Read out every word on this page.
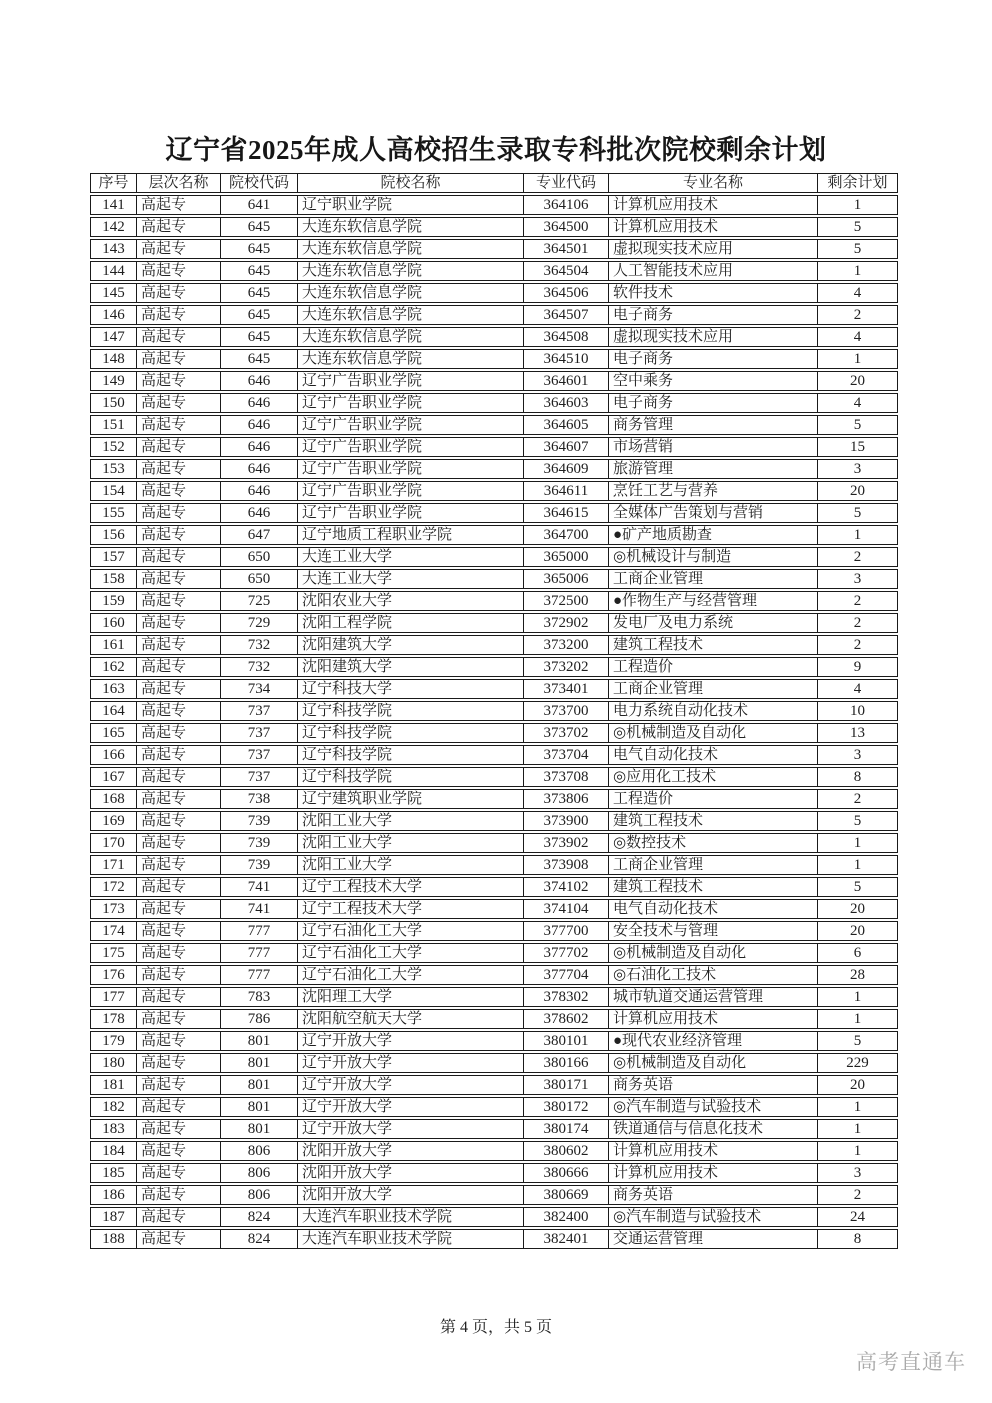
辽宁省2025年成人高校招生录取专科批次院校剩余计划
序号	层次名称	院校代码	院校名称	专业代码	专业名称	剩余计划
141	高起专	641	辽宁职业学院	364106	计算机应用技术	1
142	高起专	645	大连东软信息学院	364500	计算机应用技术	5
143	高起专	645	大连东软信息学院	364501	虚拟现实技术应用	5
144	高起专	645	大连东软信息学院	364504	人工智能技术应用	1
145	高起专	645	大连东软信息学院	364506	软件技术	4
146	高起专	645	大连东软信息学院	364507	电子商务	2
147	高起专	645	大连东软信息学院	364508	虚拟现实技术应用	4
148	高起专	645	大连东软信息学院	364510	电子商务	1
149	高起专	646	辽宁广告职业学院	364601	空中乘务	20
150	高起专	646	辽宁广告职业学院	364603	电子商务	4
151	高起专	646	辽宁广告职业学院	364605	商务管理	5
152	高起专	646	辽宁广告职业学院	364607	市场营销	15
153	高起专	646	辽宁广告职业学院	364609	旅游管理	3
154	高起专	646	辽宁广告职业学院	364611	烹饪工艺与营养	20
155	高起专	646	辽宁广告职业学院	364615	全媒体广告策划与营销	5
156	高起专	647	辽宁地质工程职业学院	364700	●矿产地质勘查	1
157	高起专	650	大连工业大学	365000	◎机械设计与制造	2
158	高起专	650	大连工业大学	365006	工商企业管理	3
159	高起专	725	沈阳农业大学	372500	●作物生产与经营管理	2
160	高起专	729	沈阳工程学院	372902	发电厂及电力系统	2
161	高起专	732	沈阳建筑大学	373200	建筑工程技术	2
162	高起专	732	沈阳建筑大学	373202	工程造价	9
163	高起专	734	辽宁科技大学	373401	工商企业管理	4
164	高起专	737	辽宁科技学院	373700	电力系统自动化技术	10
165	高起专	737	辽宁科技学院	373702	◎机械制造及自动化	13
166	高起专	737	辽宁科技学院	373704	电气自动化技术	3
167	高起专	737	辽宁科技学院	373708	◎应用化工技术	8
168	高起专	738	辽宁建筑职业学院	373806	工程造价	2
169	高起专	739	沈阳工业大学	373900	建筑工程技术	5
170	高起专	739	沈阳工业大学	373902	◎数控技术	1
171	高起专	739	沈阳工业大学	373908	工商企业管理	1
172	高起专	741	辽宁工程技术大学	374102	建筑工程技术	5
173	高起专	741	辽宁工程技术大学	374104	电气自动化技术	20
174	高起专	777	辽宁石油化工大学	377700	安全技术与管理	20
175	高起专	777	辽宁石油化工大学	377702	◎机械制造及自动化	6
176	高起专	777	辽宁石油化工大学	377704	◎石油化工技术	28
177	高起专	783	沈阳理工大学	378302	城市轨道交通运营管理	1
178	高起专	786	沈阳航空航天大学	378602	计算机应用技术	1
179	高起专	801	辽宁开放大学	380101	●现代农业经济管理	5
180	高起专	801	辽宁开放大学	380166	◎机械制造及自动化	229
181	高起专	801	辽宁开放大学	380171	商务英语	20
182	高起专	801	辽宁开放大学	380172	◎汽车制造与试验技术	1
183	高起专	801	辽宁开放大学	380174	铁道通信与信息化技术	1
184	高起专	806	沈阳开放大学	380602	计算机应用技术	1
185	高起专	806	沈阳开放大学	380666	计算机应用技术	3
186	高起专	806	沈阳开放大学	380669	商务英语	2
187	高起专	824	大连汽车职业技术学院	382400	◎汽车制造与试验技术	24
188	高起专	824	大连汽车职业技术学院	382401	交通运营管理	8
第 4 页，共 5 页
高考直通车
